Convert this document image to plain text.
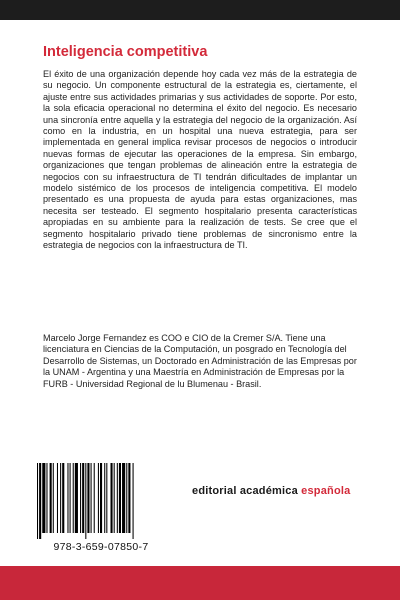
Inteligencia competitiva
El éxito de una organización depende hoy cada vez más de la estrategia de su negocio. Un componente estructural de la estrategia es, ciertamente, el ajuste entre sus actividades primarias y sus actividades de soporte. Por esto, la sola eficacia operacional no determina el éxito del negocio. Es necesario una sincronía entre aquella y la estrategia del negocio de la organización. Así como en la industria, en un hospital una nueva estrategia, para ser implementada en general implica revisar procesos de negocios o introducir nuevas formas de ejecutar las operaciones de la empresa. Sin embargo, organizaciones que tengan problemas de alineación entre la estrategia de negocios con su infraestructura de TI tendrán dificultades de implantar un modelo sistémico de los procesos de inteligencia competitiva. El modelo presentado es una propuesta de ayuda para estas organizaciones, mas necesita ser testeado. El segmento hospitalario presenta características apropiadas en su ambiente para la realización de tests. Se cree que el segmento hospitalario privado tiene problemas de sincronismo entre la estrategia de negocios con la infraestructura de TI.
Marcelo Jorge Fernandez es COO e CIO de la Cremer S/A. Tiene una licenciatura en Ciencias de la Computación, un posgrado en Tecnología del Desarrollo de Sistemas, un Doctorado en Administración de las Empresas por la UNAM - Argentina y una Maestría en Administración de Empresas por la FURB - Universidad Regional de lu Blumenau - Brasil.
978-3-659-07850-7
editorial académica española
